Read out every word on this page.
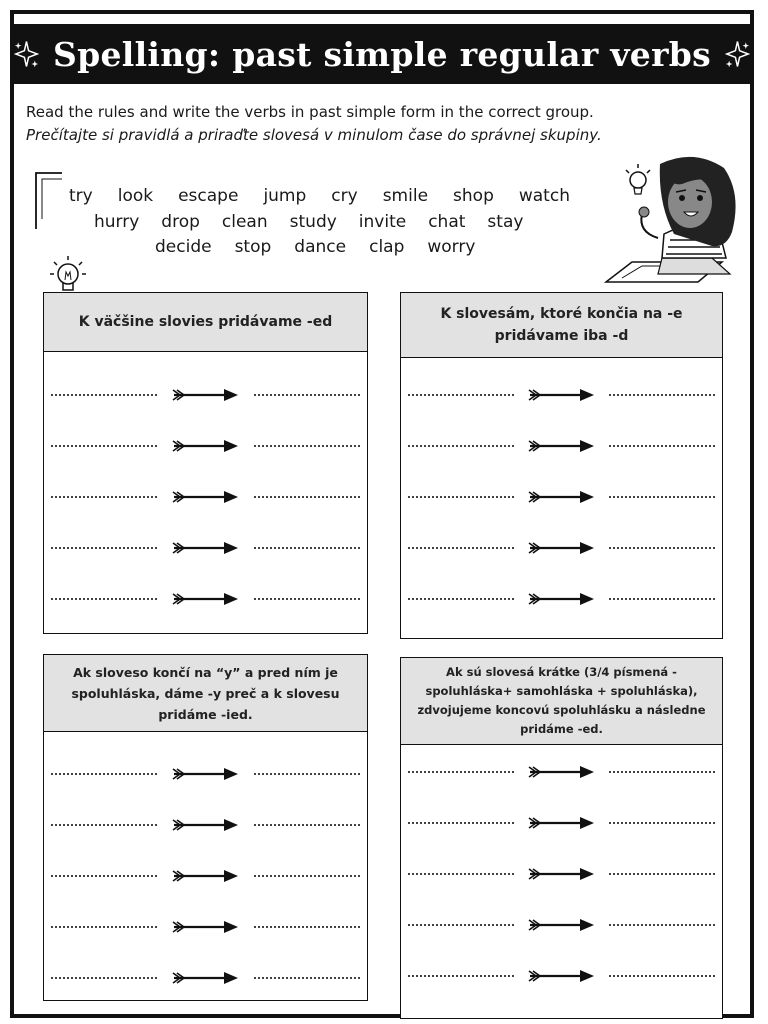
Spelling: past simple regular verbs
Read the rules and write the verbs in past simple form in the correct group.
Prečítajte si pravidlá a priraďte slovesá v minulom čase do správnej skupiny.
try look escape jump cry smile shop watch
hurry drop clean study invite chat stay
decide stop dance clap worry
K väčšine slovies pridávame -ed	K slovesám, ktoré končia na -e pridávame iba -d
Ak sloveso končí na “y” a pred ním je spoluhláska, dáme -y preč a k slovesu pridáme -ied.
Ak sú slovesá krátke (3/4 písmená - spoluhláska+ samohláska + spoluhláska), zdvojujeme koncovú spoluhlásku a následne pridáme -ed.
